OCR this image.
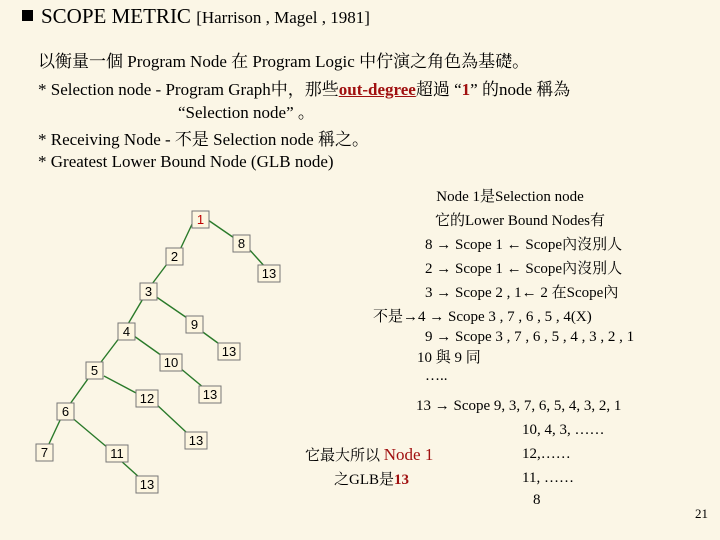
SCOPE METRIC [Harrison , Magel , 1981]
以衡量一個 Program Node 在 Program Logic 中佇演之角色為基礎。
* Selection node - Program Graph中，那些out-degree超過 “1” 的node 稱為
“Selection node” 。
* Receiving Node - 不是 Selection node 稱之。
* Greatest Lower Bound Node (GLB node)
1
2
3
4
5
6
7
8
9
10
11
12
13
13
13
13
13
Node 1是Selection node
它的Lower Bound Nodes有
8 → Scope 1 ← Scope內沒別人
2 → Scope 1 ← Scope內沒別人
3 → Scope 2 , 1← 2 在Scope內
不是→4 → Scope 3 , 7 , 6 , 5 , 4(X)
9 → Scope 3 , 7 , 6 , 5 , 4 , 3 , 2 , 1
10 與 9 同
…..
13 → Scope 9, 3, 7, 6, 5, 4, 3, 2, 1
10, 4, 3, ……
12,……
11, ……
8
它最大所以 Node 1
之GLB是13
21
